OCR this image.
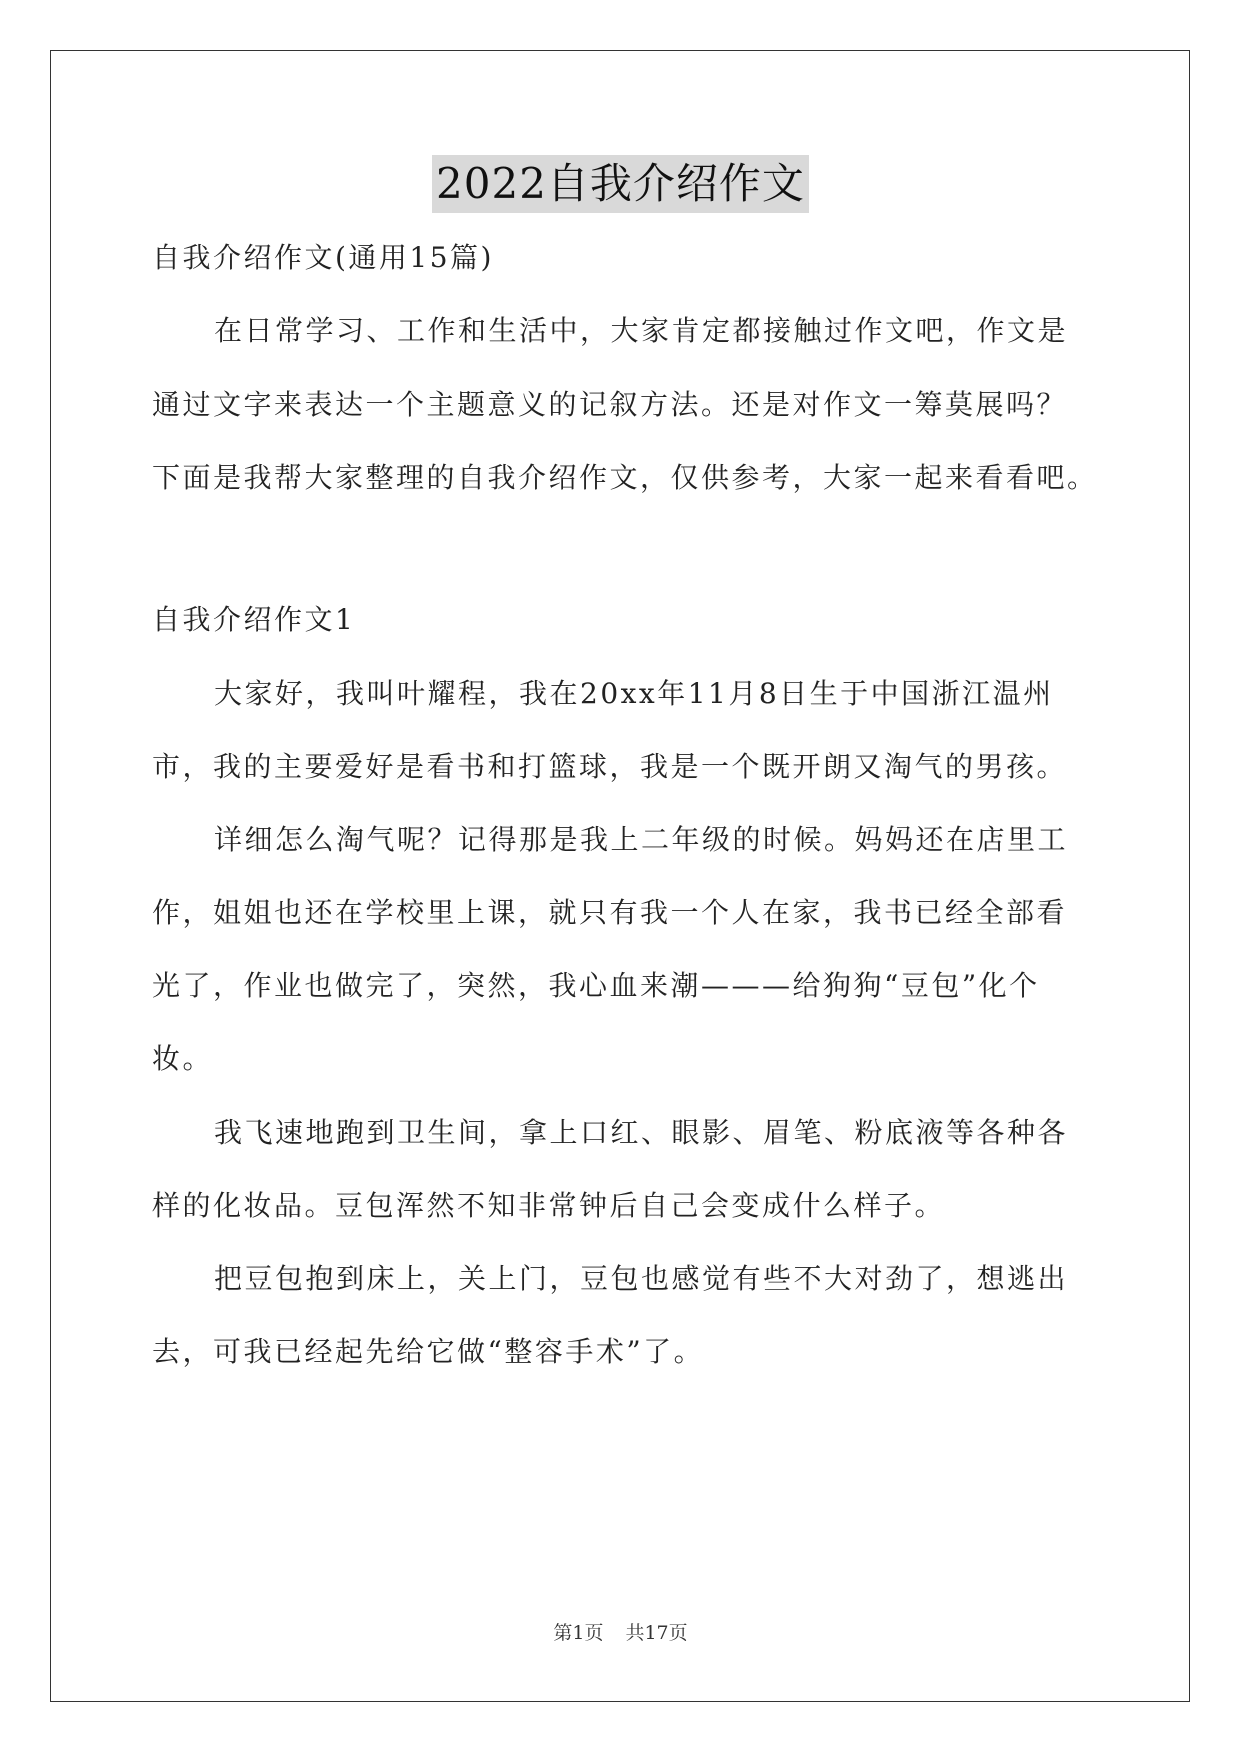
2022自我介绍作文
自我介绍作文(通用15篇)
在日常学习、工作和生活中，大家肯定都接触过作文吧，作文是
通过文字来表达一个主题意义的记叙方法。还是对作文一筹莫展吗？
下面是我帮大家整理的自我介绍作文，仅供参考，大家一起来看看吧。
自我介绍作文1
大家好，我叫叶耀程，我在20xx年11月8日生于中国浙江温州
市，我的主要爱好是看书和打篮球，我是一个既开朗又淘气的男孩。
详细怎么淘气呢？记得那是我上二年级的时候。妈妈还在店里工
作，姐姐也还在学校里上课，就只有我一个人在家，我书已经全部看
光了，作业也做完了，突然，我心血来潮———给狗狗“豆包”化个
妆。
我飞速地跑到卫生间，拿上口红、眼影、眉笔、粉底液等各种各
样的化妆品。豆包浑然不知非常钟后自己会变成什么样子。
把豆包抱到床上，关上门，豆包也感觉有些不大对劲了，想逃出
去，可我已经起先给它做“整容手术”了。
第1页 共17页
